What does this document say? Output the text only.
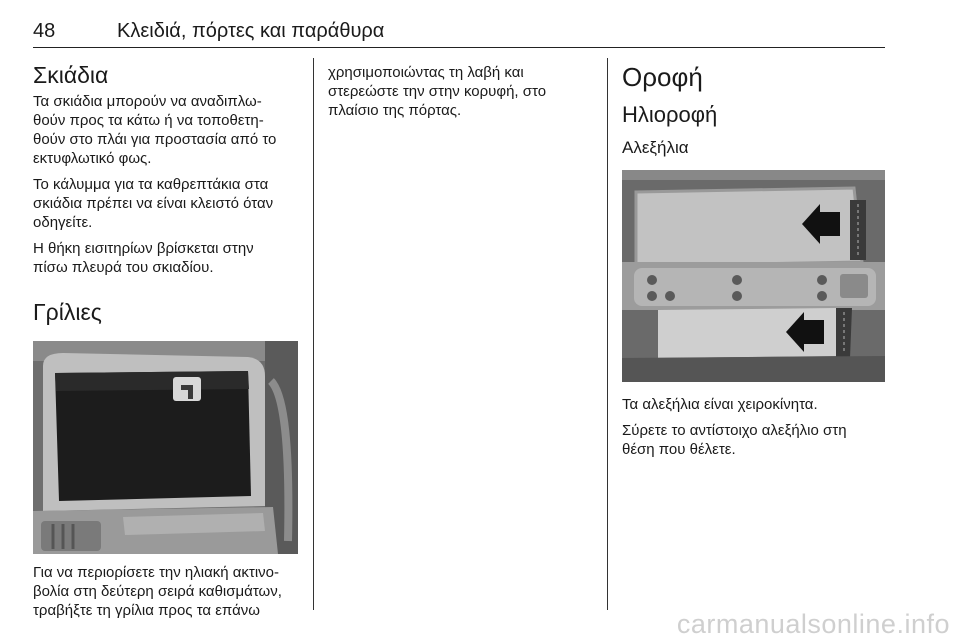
48	Κλειδιά, πόρτες και παράθυρα
Σκιάδια

Τα σκιάδια μπορούν να αναδιπλω-
θούν προς τα κάτω ή να τοποθετη-
θούν στο πλάι για προστασία από το
εκτυφλωτικό φως.

Το κάλυμμα για τα καθρεπτάκια στα
σκιάδια πρέπει να είναι κλειστό όταν
οδηγείτε.

Η θήκη εισιτηρίων βρίσκεται στην
πίσω πλευρά του σκιαδίου.

Γρίλιες

Για να περιορίσετε την ηλιακή ακτινο-
βολία στη δεύτερη σειρά καθισμάτων,
τραβήξτε τη γρίλια προς τα επάνω

χρησιμοποιώντας τη λαβή και
στερεώστε την στην κορυφή, στο
πλαίσιο της πόρτας.

Οροφή
Ηλιοροφή
Αλεξήλια

Τα αλεξήλια είναι χειροκίνητα.

Σύρετε το αντίστοιχο αλεξήλιο στη
θέση που θέλετε.

carmanualsonline.info
